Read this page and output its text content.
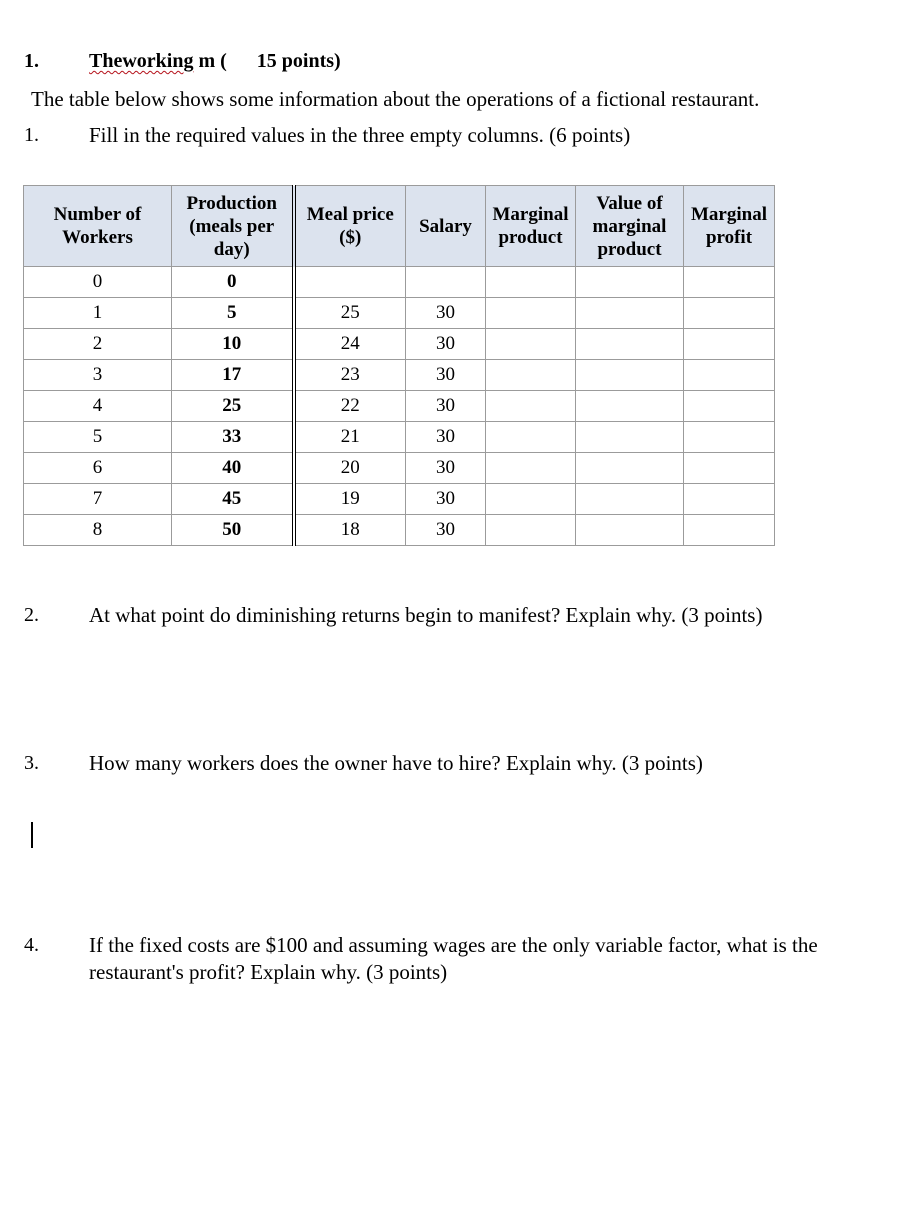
1.	Theworking m ( 15 points)
The table below shows some information about the operations of a fictional restaurant.
1. Fill in the required values in the three empty columns. (6 points)
Number of Workers	Production (meals per day)	Meal price ($)	Salary	Marginal product	Value of marginal product	Marginal profit
0	0					
1	5	25	30			
2	10	24	30			
3	17	23	30			
4	25	22	30			
5	33	21	30			
6	40	20	30			
7	45	19	30			
8	50	18	30			
2. At what point do diminishing returns begin to manifest? Explain why. (3 points)
3. How many workers does the owner have to hire? Explain why. (3 points)
4. If the fixed costs are $100 and assuming wages are the only variable factor, what is the restaurant's profit? Explain why. (3 points)
